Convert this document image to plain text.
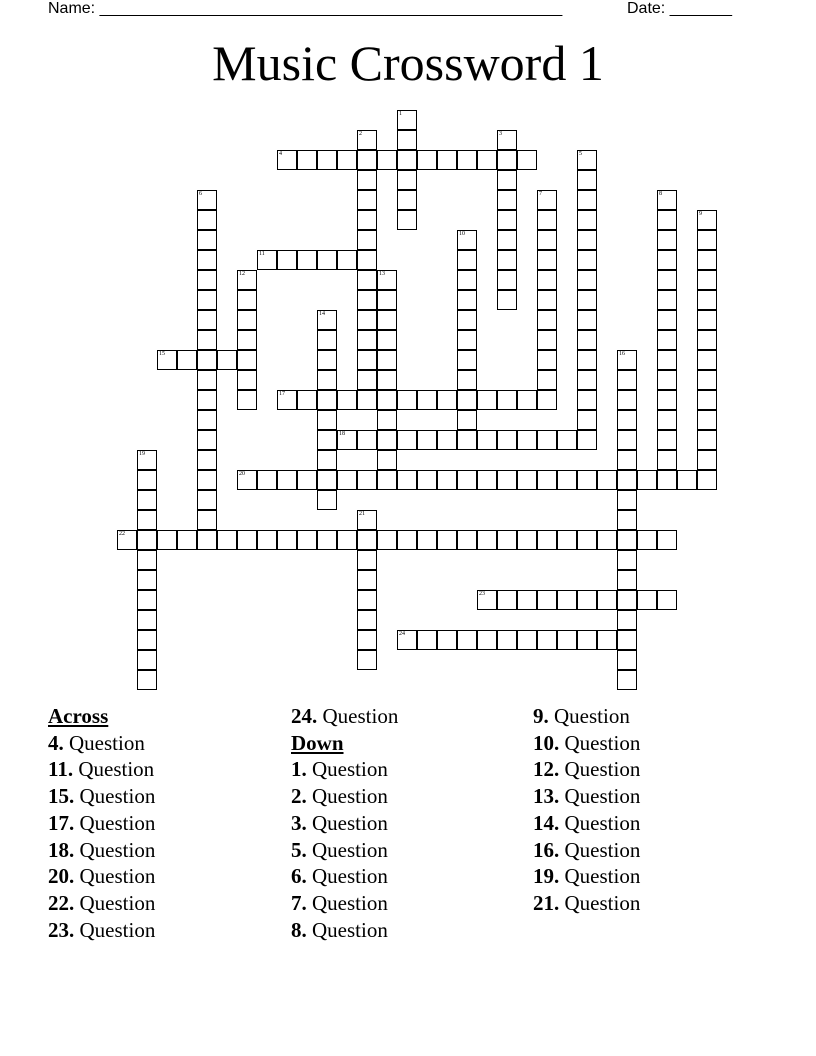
Name: ____________________________________________________	Date: _______
Music Crossword 1
1
2	3
4	5
6	7	8
9
10
11
12	13
14
15	16
17
18
19
20
21
22
23
24
Across
4. Question
11. Question
15. Question
17. Question
18. Question
20. Question
22. Question
23. Question
24. Question
Down
1. Question
2. Question
3. Question
5. Question
6. Question
7. Question
8. Question
9. Question
10. Question
12. Question
13. Question
14. Question
16. Question
19. Question
21. Question
